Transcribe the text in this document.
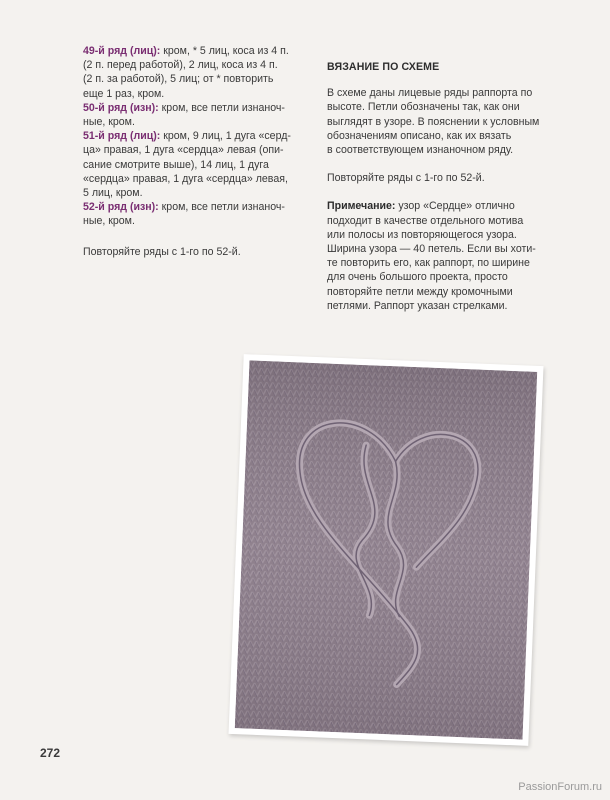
49-й ряд (лиц): кром, * 5 лиц, коса из 4 п.
(2 п. перед работой), 2 лиц, коса из 4 п.
(2 п. за работой), 5 лиц; от * повторить
еще 1 раз, кром.

50-й ряд (изн): кром, все петли изнаноч-
ные, кром.

51-й ряд (лиц): кром, 9 лиц, 1 дуга «серд-
ца» правая, 1 дуга «сердца» левая (опи-
сание смотрите выше), 14 лиц, 1 дуга
«сердца» правая, 1 дуга «сердца» левая,
5 лиц, кром.

52-й ряд (изн): кром, все петли изнаноч-
ные, кром.

Повторяйте ряды с 1-го по 52-й.

ВЯЗАНИЕ ПО СХЕМЕ

В схеме даны лицевые ряды раппорта по
высоте. Петли обозначены так, как они
выглядят в узоре. В пояснении к условным
обозначениям описано, как их вязать
в соответствующем изнаночном ряду.

Повторяйте ряды с 1-го по 52-й.

Примечание: узор «Сердце» отлично
подходит в качестве отдельного мотива
или полосы из повторяющегося узора.
Ширина узора — 40 петель. Если вы хоти-
те повторить его, как раппорт, по ширине
для очень большого проекта, просто
повторяйте петли между кромочными
петлями. Раппорт указан стрелками.

272
PassionForum.ru
